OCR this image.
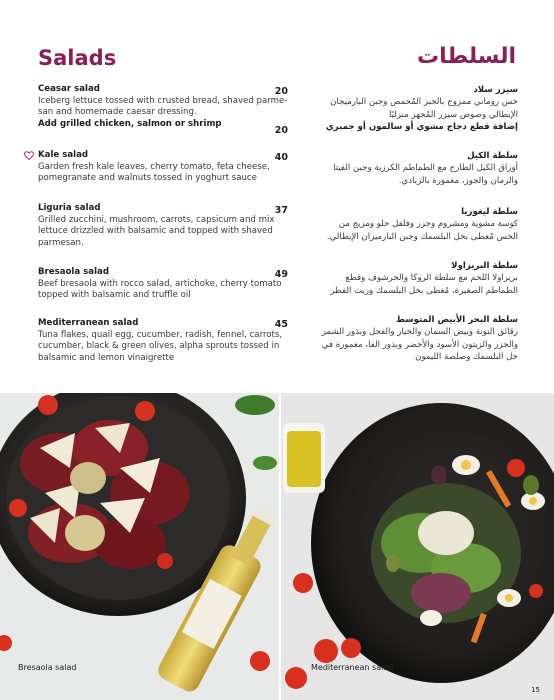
Salads	السلطات
Ceasar salad
Iceberg lettuce tossed with crusted bread, shaved parme-san and homemade caesar dressing.
Add grilled chicken, salmon or shrimp
Kale salad
Garden fresh kale leaves, cherry tomato, feta cheese, pomegranate and walnuts tossed in yoghurt sauce
Liguria salad
Grilled zucchini, mushroom, carrots, capsicum and mix lettuce drizzled with balsamic and topped with shaved parmesan.
Bresaola salad
Beef bresaola with rocco salad, artichoke, cherry tomato topped with balsamic and truffle oil
Mediterranean salad
Tuna flakes, quail egg, cucumber, radish, fennel, carrots, cucumber, black & green olives, alpha sprouts tossed in balsamic and lemon vinaigrette
20
20
40
37
49
45
سيزر سلاد
خس روماني ممزوج بالخبز المُحمص وجبن البارميجان الإيطالي وصوص سيزر المُجهز منزليًا
إضافة قطع دجاج مشوي أو سالمون أو جمبري
سلطة الكيل
أوراق الكيل الطازج مع الطماطم الكرزية وجبن الفيتا والرمان والجوز، مغمورة بالزبادي.
سلطة ليغوريا
كوسة مشوية ومشروم وجزر وفلفل حلو ومزيج من الخس مُغطى بخل البلسمك وجبن البارميزان الإيطالي.
سلطة البريزاولا
بريزاولا اللحم مع سلطة الروكا والخرشوف وقطع الطماطم الصغيرة، مُغطى بخل البلسمك وزيت الفطر
سلطة البحر الأبيض المتوسط
رقائق التونة وبيض السمان والخيار والفجل وبذور الشمر والجزر والزيتون الأسود والأخضر وبذور الفا، مغمورة في خل البلسمك وصلصة الليمون
Bresaola salad	Mediterranean salad
15
